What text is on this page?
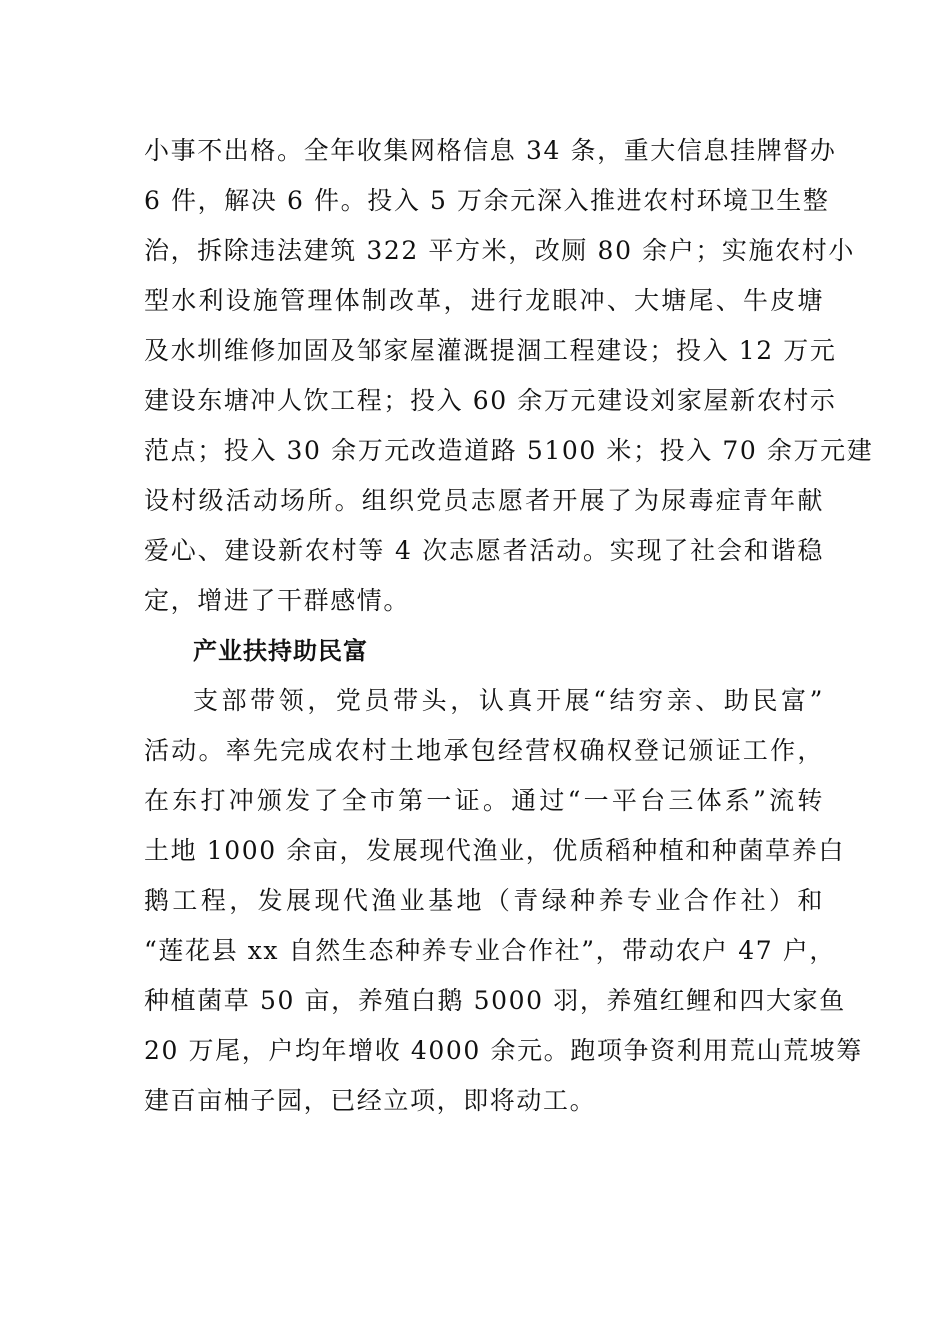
小事不出格。全年收集网格信息 34 条，重大信息挂牌督办
6 件，解决 6 件。投入 5 万余元深入推进农村环境卫生整
治，拆除违法建筑 322 平方米，改厕 80 余户；实施农村小
型水利设施管理体制改革，进行龙眼冲、大塘尾、牛皮塘
及水圳维修加固及邹家屋灌溉提涸工程建设；投入 12 万元
建设东塘冲人饮工程；投入 60 余万元建设刘家屋新农村示
范点；投入 30 余万元改造道路 5100 米；投入 70 余万元建
设村级活动场所。组织党员志愿者开展了为尿毒症青年献
爱心、建设新农村等 4 次志愿者活动。实现了社会和谐稳
定，增进了干群感情。
产业扶持助民富
支部带领，党员带头，认真开展“结穷亲、助民富”
活动。率先完成农村土地承包经营权确权登记颁证工作，
在东打冲颁发了全市第一证。通过“一平台三体系”流转
土地 1000 余亩，发展现代渔业，优质稻种植和种菌草养白
鹅工程，发展现代渔业基地（青绿种养专业合作社）和
“莲花县 xx 自然生态种养专业合作社”，带动农户 47 户，
种植菌草 50 亩，养殖白鹅 5000 羽，养殖红鲤和四大家鱼
20 万尾，户均年增收 4000 余元。跑项争资利用荒山荒坡筹
建百亩柚子园，已经立项，即将动工。
